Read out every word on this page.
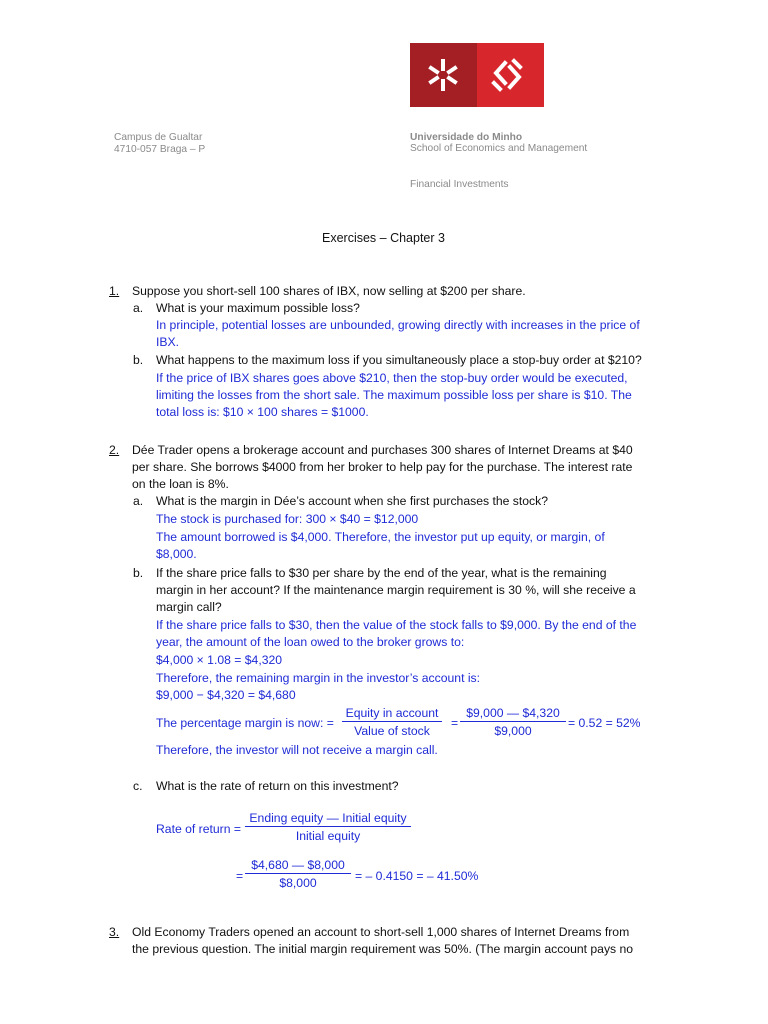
Campus de Gualtar
4710-057 Braga – P
Universidade do Minho
School of Economics and Management
Financial Investments
Exercises – Chapter 3
1. Suppose you short-sell 100 shares of IBX, now selling at $200 per share.
a. What is your maximum possible loss?
In principle, potential losses are unbounded, growing directly with increases in the price of
IBX.
b. What happens to the maximum loss if you simultaneously place a stop-buy order at $210?
If the price of IBX shares goes above $210, then the stop-buy order would be executed,
limiting the losses from the short sale. The maximum possible loss per share is $10. The
total loss is: $10 × 100 shares = $1000.
2. Dée Trader opens a brokerage account and purchases 300 shares of Internet Dreams at $40
per share. She borrows $4000 from her broker to help pay for the purchase. The interest rate
on the loan is 8%.
a. What is the margin in Dée’s account when she first purchases the stock?
The stock is purchased for: 300 × $40 = $12,000
The amount borrowed is $4,000. Therefore, the investor put up equity, or margin, of
$8,000.
b. If the share price falls to $30 per share by the end of the year, what is the remaining
margin in her account? If the maintenance margin requirement is 30 %, will she receive a
margin call?
If the share price falls to $30, then the value of the stock falls to $9,000. By the end of the
year, the amount of the loan owed to the broker grows to:
$4,000 × 1.08 = $4,320
Therefore, the remaining margin in the investor’s account is:
$9,000 − $4,320 = $4,680
The percentage margin is now: =
Equity in account
Value of stock
= $\frac{\$9,000 — \$4,320}{\$9,000} = 0.52 = 52\%$
Therefore, the investor will not receive a margin call.
c. What is the rate of return on this investment?
Rate of return =
Ending equity — Initial equity
Initial equity
= $\frac{\$4,680 — \$8,000}{\$8,000}$ = – 0.4150 = – 41.50%
3. Old Economy Traders opened an account to short-sell 1,000 shares of Internet Dreams from
the previous question. The initial margin requirement was 50%. (The margin account pays no
